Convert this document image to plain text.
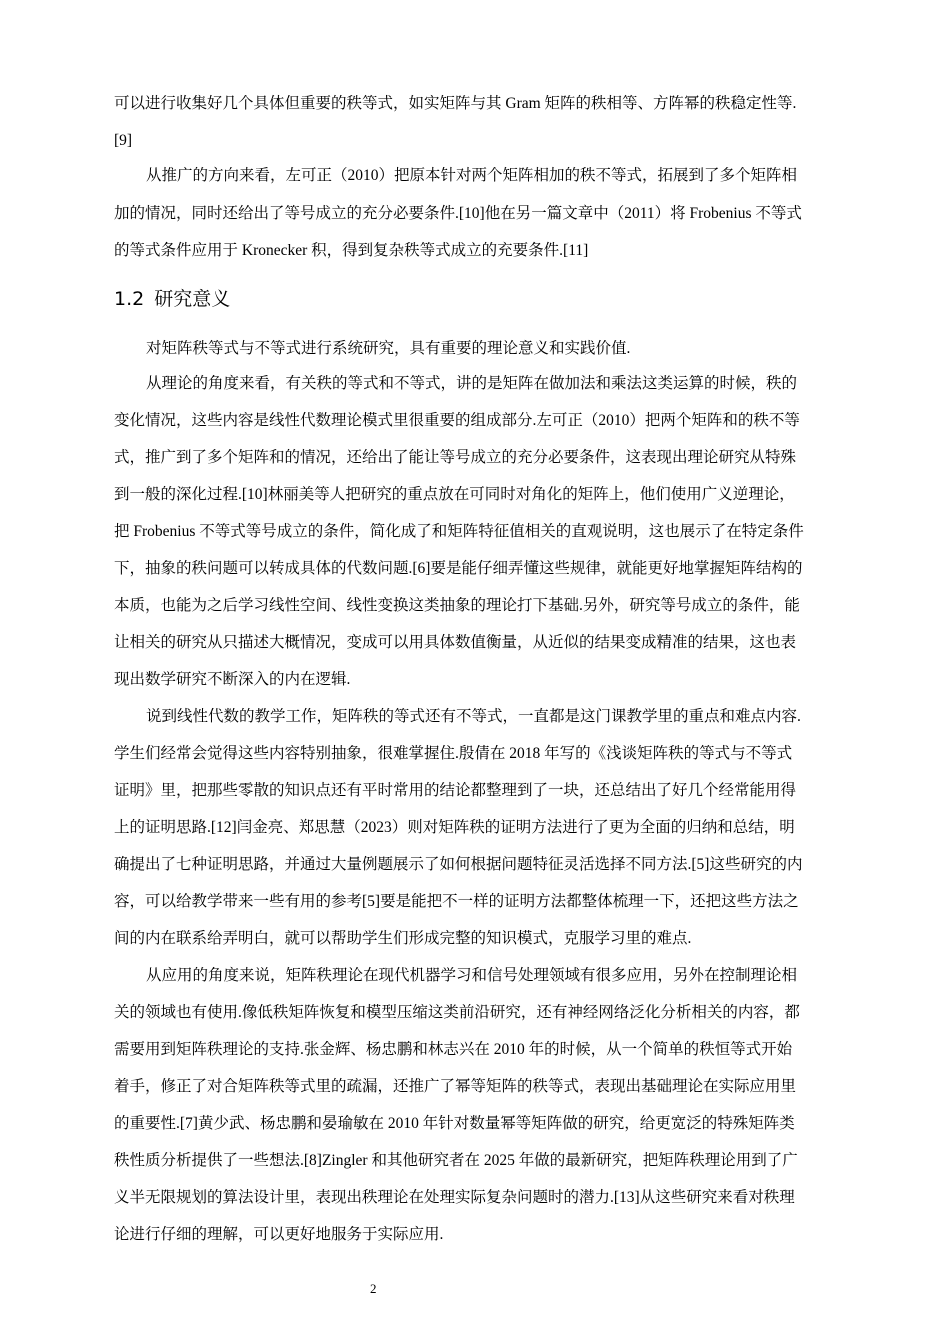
可以进行收集好几个具体但重要的秩等式，如实矩阵与其 Gram 矩阵的秩相等、方阵幂的秩稳定性等.
[9]
从推广的方向来看，左可正（2010）把原本针对两个矩阵相加的秩不等式，拓展到了多个矩阵相
加的情况，同时还给出了等号成立的充分必要条件.[10]他在另一篇文章中（2011）将 Frobenius 不等式
的等式条件应用于 Kronecker 积，得到复杂秩等式成立的充要条件.[11]
1.2 研究意义
对矩阵秩等式与不等式进行系统研究，具有重要的理论意义和实践价值.
从理论的角度来看，有关秩的等式和不等式，讲的是矩阵在做加法和乘法这类运算的时候，秩的
变化情况，这些内容是线性代数理论模式里很重要的组成部分.左可正（2010）把两个矩阵和的秩不等
式，推广到了多个矩阵和的情况，还给出了能让等号成立的充分必要条件，这表现出理论研究从特殊
到一般的深化过程.[10]林丽美等人把研究的重点放在可同时对角化的矩阵上，他们使用广义逆理论，
把 Frobenius 不等式等号成立的条件，简化成了和矩阵特征值相关的直观说明，这也展示了在特定条件
下，抽象的秩问题可以转成具体的代数问题.[6]要是能仔细弄懂这些规律，就能更好地掌握矩阵结构的
本质，也能为之后学习线性空间、线性变换这类抽象的理论打下基础.另外，研究等号成立的条件，能
让相关的研究从只描述大概情况，变成可以用具体数值衡量，从近似的结果变成精准的结果，这也表
现出数学研究不断深入的内在逻辑.
说到线性代数的教学工作，矩阵秩的等式还有不等式，一直都是这门课教学里的重点和难点内容.
学生们经常会觉得这些内容特别抽象，很难掌握住.殷倩在 2018 年写的《浅谈矩阵秩的等式与不等式
证明》里，把那些零散的知识点还有平时常用的结论都整理到了一块，还总结出了好几个经常能用得
上的证明思路.[12]闫金亮、郑思慧（2023）则对矩阵秩的证明方法进行了更为全面的归纳和总结，明
确提出了七种证明思路，并通过大量例题展示了如何根据问题特征灵活选择不同方法.[5]这些研究的内
容，可以给教学带来一些有用的参考[5]要是能把不一样的证明方法都整体梳理一下，还把这些方法之
间的内在联系给弄明白，就可以帮助学生们形成完整的知识模式，克服学习里的难点.
从应用的角度来说，矩阵秩理论在现代机器学习和信号处理领域有很多应用，另外在控制理论相
关的领域也有使用.像低秩矩阵恢复和模型压缩这类前沿研究，还有神经网络泛化分析相关的内容，都
需要用到矩阵秩理论的支持.张金辉、杨忠鹏和林志兴在 2010 年的时候，从一个简单的秩恒等式开始
着手，修正了对合矩阵秩等式里的疏漏，还推广了幂等矩阵的秩等式，表现出基础理论在实际应用里
的重要性.[7]黄少武、杨忠鹏和晏瑜敏在 2010 年针对数量幂等矩阵做的研究，给更宽泛的特殊矩阵类
秩性质分析提供了一些想法.[8]Zingler 和其他研究者在 2025 年做的最新研究，把矩阵秩理论用到了广
义半无限规划的算法设计里，表现出秩理论在处理实际复杂问题时的潜力.[13]从这些研究来看对秩理
论进行仔细的理解，可以更好地服务于实际应用.
2
